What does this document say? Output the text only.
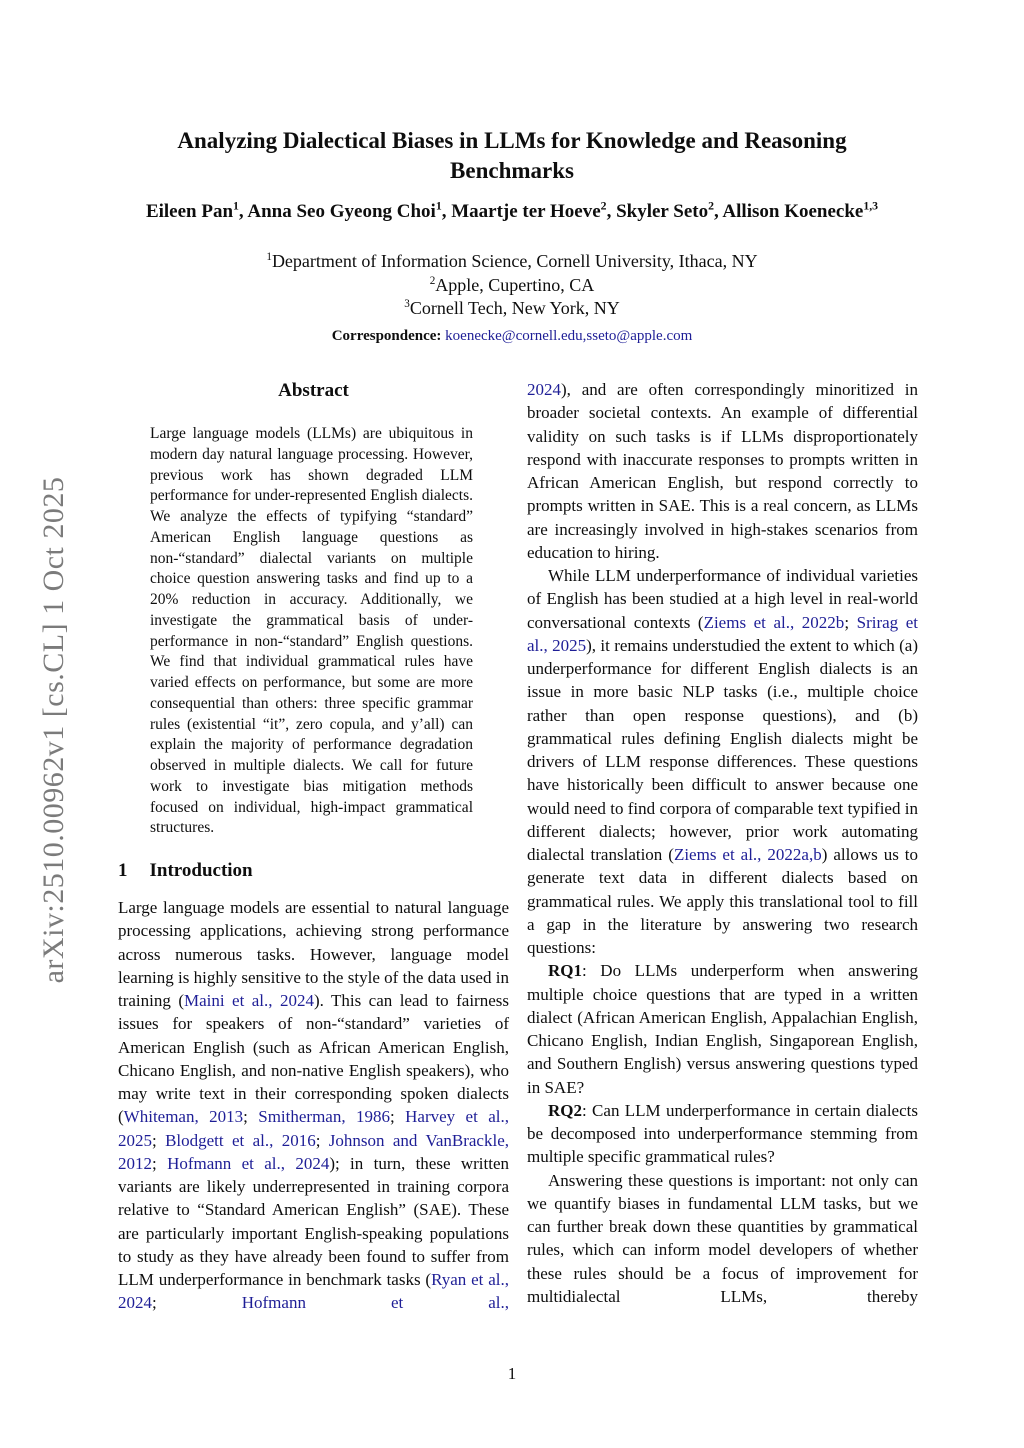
arXiv:2510.00962v1 [cs.CL] 1 Oct 2025
Analyzing Dialectical Biases in LLMs for Knowledge and Reasoning Benchmarks
Eileen Pan$^1$, Anna Seo Gyeong Choi$^1$, Maartje ter Hoeve$^2$, Skyler Seto$^2$, Allison Koenecke$^{1,3}$
$^1$Department of Information Science, Cornell University, Ithaca, NY
$^2$Apple, Cupertino, CA
$^3$Cornell Tech, New York, NY
Correspondence: koenecke@cornell.edu,sseto@apple.com
Abstract
Large language models (LLMs) are ubiquitous in modern day natural language processing. However, previous work has shown degraded LLM performance for under-represented English dialects. We analyze the effects of typifying “standard” American English language questions as non-“standard” dialectal variants on multiple choice question answering tasks and find up to a 20% reduction in accuracy. Additionally, we investigate the grammatical basis of under-performance in non-“standard” English questions. We find that individual grammatical rules have varied effects on performance, but some are more consequential than others: three specific grammar rules (existential “it”, zero copula, and y’all) can explain the majority of performance degradation observed in multiple dialects. We call for future work to investigate bias mitigation methods focused on individual, high-impact grammatical structures.
1 Introduction
Large language models are essential to natural language processing applications, achieving strong performance across numerous tasks. However, language model learning is highly sensitive to the style of the data used in training (Maini et al., 2024). This can lead to fairness issues for speakers of non-“standard” varieties of American English (such as African American English, Chicano English, and non-native English speakers), who may write text in their corresponding spoken dialects (Whiteman, 2013; Smitherman, 1986; Harvey et al., 2025; Blodgett et al., 2016; Johnson and VanBrackle, 2012; Hofmann et al., 2024); in turn, these written variants are likely underrepresented in training corpora relative to “Standard American English” (SAE). These are particularly important English-speaking populations to study as they have already been found to suffer from LLM underperformance in benchmark tasks (Ryan et al., 2024; Hofmann et al.,
2024), and are often correspondingly minoritized in broader societal contexts. An example of differential validity on such tasks is if LLMs disproportionately respond with inaccurate responses to prompts written in African American English, but respond correctly to prompts written in SAE. This is a real concern, as LLMs are increasingly involved in high-stakes scenarios from education to hiring.
While LLM underperformance of individual varieties of English has been studied at a high level in real-world conversational contexts (Ziems et al., 2022b; Srirag et al., 2025), it remains understudied the extent to which (a) underperformance for different English dialects is an issue in more basic NLP tasks (i.e., multiple choice rather than open response questions), and (b) grammatical rules defining English dialects might be drivers of LLM response differences. These questions have historically been difficult to answer because one would need to find corpora of comparable text typified in different dialects; however, prior work automating dialectal translation (Ziems et al., 2022a,b) allows us to generate text data in different dialects based on grammatical rules. We apply this translational tool to fill a gap in the literature by answering two research questions:
RQ1: Do LLMs underperform when answering multiple choice questions that are typed in a written dialect (African American English, Appalachian English, Chicano English, Indian English, Singaporean English, and Southern English) versus answering questions typed in SAE?
RQ2: Can LLM underperformance in certain dialects be decomposed into underperformance stemming from multiple specific grammatical rules?
Answering these questions is important: not only can we quantify biases in fundamental LLM tasks, but we can further break down these quantities by grammatical rules, which can inform model developers of whether these rules should be a focus of improvement for multidialectal LLMs, thereby
1
